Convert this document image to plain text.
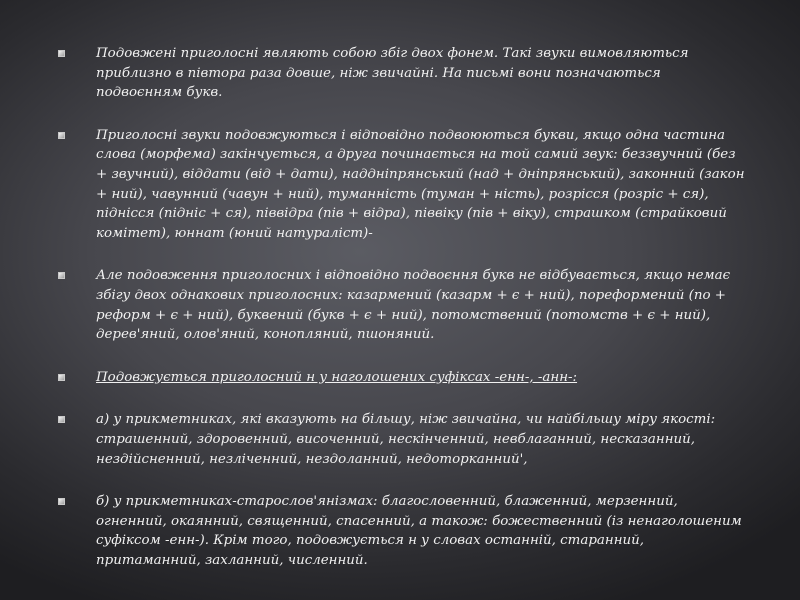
Подовжені приголосні являють собою збіг двох фонем. Такі звуки вимовляються приблизно в півтора раза довше, ніж звичайні. На письмі вони позначаються подвоєнням букв.
Приголосні звуки подовжуються і відповідно подвоюються букви, якщо одна частина слова (морфема) закінчується, а друга починається на той самий звук: беззвучний (без + звучний), віддати (від + дати), наддніпрянський (над + дніпрянський), законний (закон + ний), чавунний (чавун + ний), туманність (туман + ність), розрісся (розріс + ся), піднісся (підніс + ся), піввідра (пів + відра), пiввіку (пів + віку), страшком (страйковий комітет), юннат (юний натураліст)-
Але подовження приголосних і відповідно подвоєння букв не відбувається, якщо немає збігу двох однакових приголосних: казармений (казарм + є + ний), пореформений (по + реформ + є + ний), буквений (букв + є + ний), потомствений (потомств + є + ний), дерев'яний, олов'яний, конопляний, пшоняний.
Подовжується приголосний н у наголошених суфіксах -енн-, -анн-:
а) у прикметниках, які вказують на більшу, ніж звичайна, чи найбільшу міру якості: страшенний, здоровенний, височенний, нескінченний, невблаганний, несказанний, нездійсненний, незліченний, нездоланний, недоторканний',
б) у прикметниках-старослов'янізмах: благословенний, блаженний, мерзенний, огненний, окаянний, священний, спасенний, а також: божественний (із ненаголошеним суфіксом -енн-). Крім того, подовжується н у словах останній, старанний, притаманний, захланний, численний.
